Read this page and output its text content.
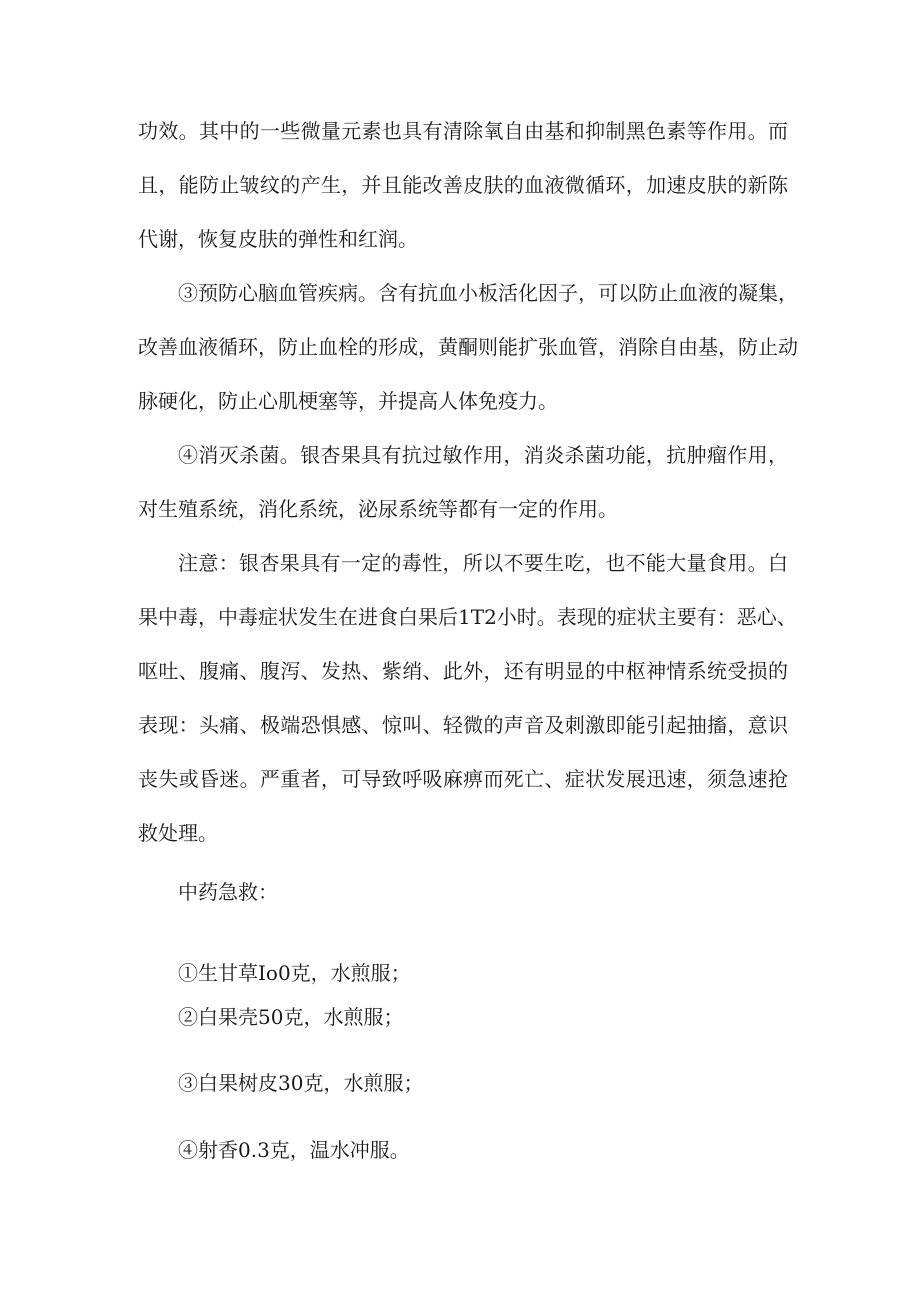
功效。其中的一些微量元素也具有清除氧自由基和抑制黑色素等作用。而
且，能防止皱纹的产生，并且能改善皮肤的血液微循环，加速皮肤的新陈
代谢，恢复皮肤的弹性和红润。
③预防心脑血管疾病。含有抗血小板活化因子，可以防止血液的凝集，
改善血液循环，防止血栓的形成，黄酮则能扩张血管，消除自由基，防止动
脉硬化，防止心肌梗塞等，并提高人体免疫力。
④消灭杀菌。银杏果具有抗过敏作用，消炎杀菌功能，抗肿瘤作用，
对生殖系统，消化系统，泌尿系统等都有一定的作用。
注意：银杏果具有一定的毒性，所以不要生吃，也不能大量食用。白
果中毒，中毒症状发生在进食白果后1T2小时。表现的症状主要有：恶心、
呕吐、腹痛、腹泻、发热、紫绡、此外，还有明显的中枢神情系统受损的
表现：头痛、极端恐惧感、惊叫、轻微的声音及刺激即能引起抽搐，意识
丧失或昏迷。严重者，可导致呼吸麻痹而死亡、症状发展迅速，须急速抢
救处理。
中药急救：
①生甘草Io0克，水煎服；
②白果壳50克，水煎服；
③白果树皮30克，水煎服；
④射香0.3克，温水冲服。
